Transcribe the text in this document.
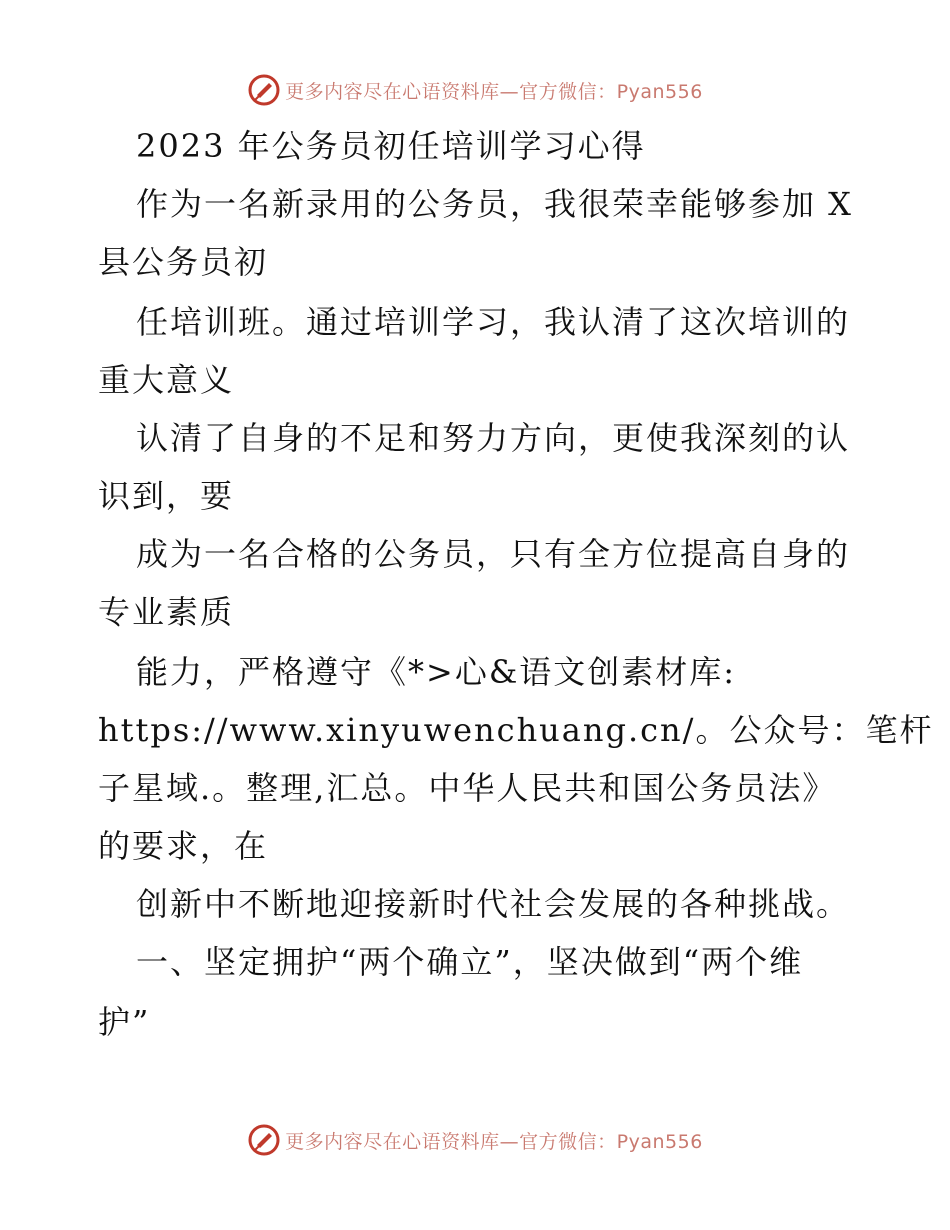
更多内容尽在心语资料库—官方微信：Pyan556
2023 年公务员初任培训学习心得
作为一名新录用的公务员，我很荣幸能够参加 X
县公务员初
任培训班。通过培训学习，我认清了这次培训的
重大意义
认清了自身的不足和努力方向，更使我深刻的认
识到，要
成为一名合格的公务员，只有全方位提高自身的
专业素质
能力，严格遵守《*>心&语文创素材库:
https://www.xinyuwenchuang.cn/。公众号：笔杆
子星域.。整理,汇总。中华人民共和国公务员法》
的要求，在
创新中不断地迎接新时代社会发展的各种挑战。
一、坚定拥护“两个确立”，坚决做到“两个维
护”
更多内容尽在心语资料库—官方微信：Pyan556
